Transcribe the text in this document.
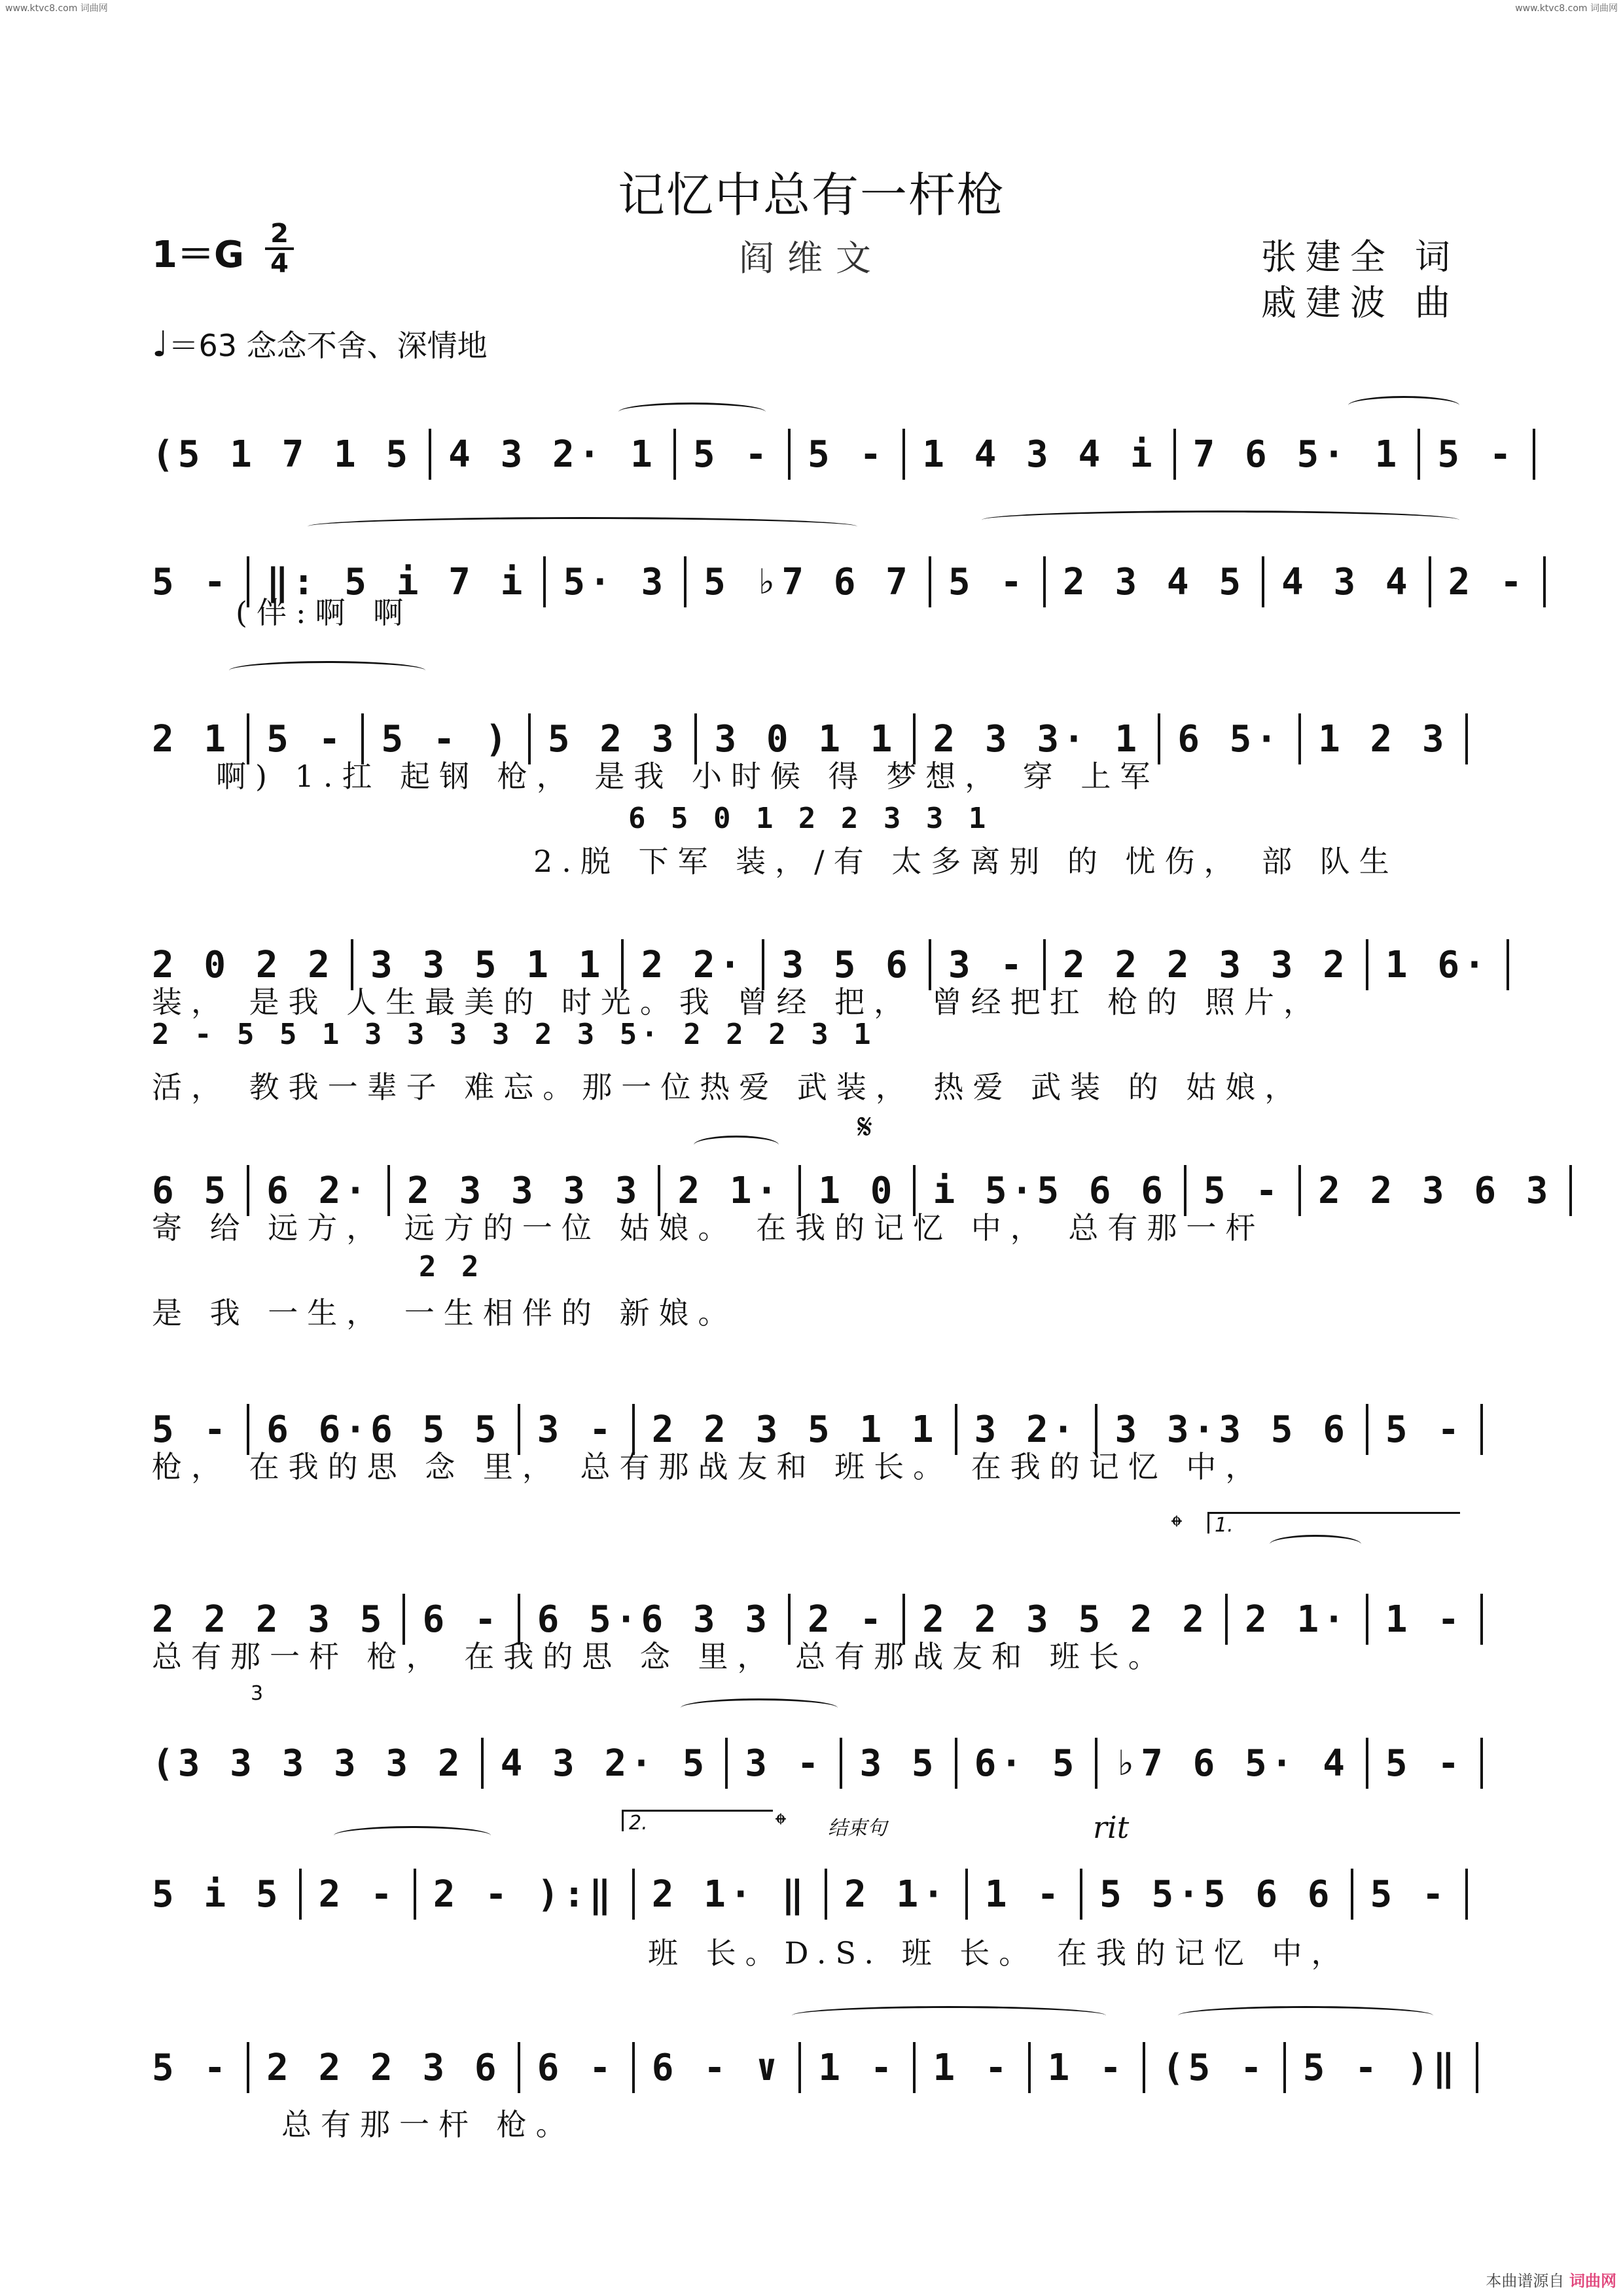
www.ktvc8.com 词曲网	www.ktvc8.com 词曲网
记忆中总有一杆枪
1＝G 2
4	阎维文	张建全 词
戚建波 曲
♩＝63 念念不舍、深情地
(5 1 7 1 5 4 3 2· 1 5 - 5 - 1 4 3 4 i 7 6 5· 1 5 -
5 - ‖: 5 i 7 i 5· 3 5 ♭7 6 7 5 - 2 3 4 5 4 3 4 2 -
2 1 5 - 5 - ) 5 2 3 3 0 1 1 2 3 3· 1 6 5· 1 2 3
2 0 2 2 3 3 5 1 1 2 2· 3 5 6 3 - 2 2 2 3 3 2 1 6·
6 5 6 2· 2 3 3 3 3 2 1· 1 0 i 5·5 6 6 5 - 2 2 3 6 3
5 - 6 6·6 5 5 3 - 2 2 3 5 1 1 3 2· 3 3·3 5 6 5 -
2 2 2 3 5 6 - 6 5·6 3 3 2 - 2 2 3 5 2 2 2 1· 1 -
(3 3 3 3 3 2 4 3 2· 5 3 - 3 5 6· 5 ♭7 6 5· 4 5 -
5 i 5 2 - 2 - ):‖ 2 1· ‖ 2 1· 1 - 5 5·5 6 6 5 -
5 - 2 2 2 3 6 6 - 6 - ∨ 1 - 1 - 1 - (5 - 5 - )‖
6 5 0 1 2 2 3 3 1
2 - 5 5 1 3 3 3 3 2 3 5· 2 2 2 3 1
2 2
(伴:啊 啊
啊) 1.扛 起钢 枪， 是我 小时候 得 梦想， 穿 上军
2.脱 下军 装，/有 太多离别 的 忧伤， 部 队生
装， 是我 人生最美的 时光。我 曾经 把， 曾经把扛 枪的 照片，
活， 教我一辈子 难忘。那一位热爱 武装， 热爱 武装 的 姑娘，
寄 给 远方， 远方的一位 姑娘。 在我的记忆 中， 总有那一杆
是 我 一生， 一生相伴的 新娘。
枪， 在我的思 念 里， 总有那战友和 班长。 在我的记忆 中，
总有那一杆 枪， 在我的思 念 里， 总有那战友和 班长。
班 长。D.S. 班 长。 在我的记忆 中，
总有那一杆 枪。
𝄋
𝄌	1.
2.	𝄌 结束句	rit
3
本曲谱源自 词曲网
